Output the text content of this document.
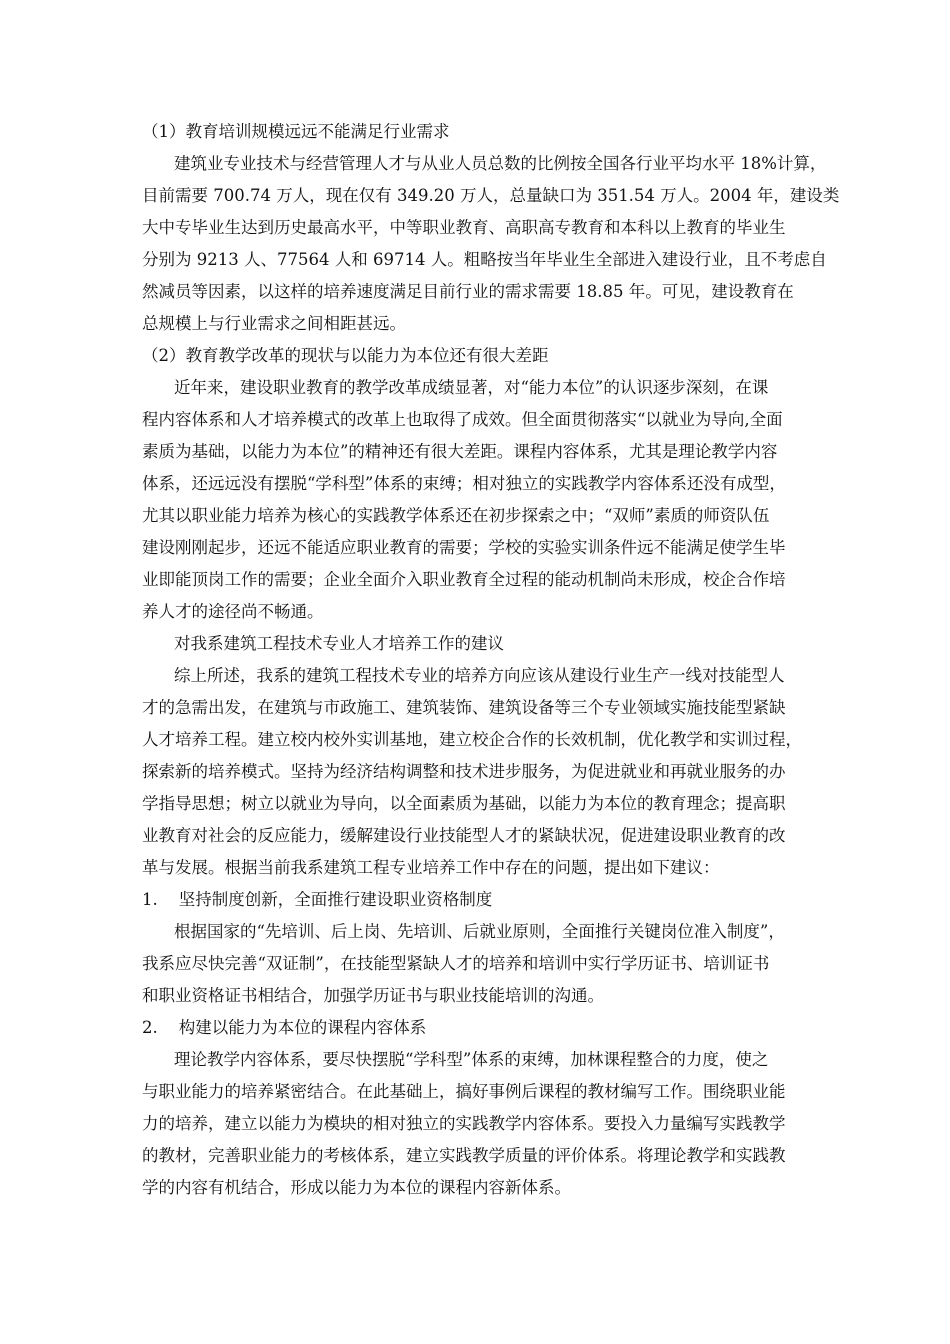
（1）教育培训规模远远不能满足行业需求

建筑业专业技术与经营管理人才与从业人员总数的比例按全国各行业平均水平 18%计算，

目前需要 700.74 万人，现在仅有 349.20 万人，总量缺口为 351.54 万人。2004 年，建设类

大中专毕业生达到历史最高水平，中等职业教育、高职高专教育和本科以上教育的毕业生

分别为 9213 人、77564 人和 69714 人。粗略按当年毕业生全部进入建设行业，且不考虑自

然减员等因素，以这样的培养速度满足目前行业的需求需要 18.85 年。可见，建设教育在

总规模上与行业需求之间相距甚远。

（2）教育教学改革的现状与以能力为本位还有很大差距

近年来，建设职业教育的教学改革成绩显著，对“能力本位”的认识逐步深刻，在课

程内容体系和人才培养模式的改革上也取得了成效。但全面贯彻落实“以就业为导向,全面

素质为基础，以能力为本位”的精神还有很大差距。课程内容体系，尤其是理论教学内容

体系，还远远没有摆脱“学科型”体系的束缚；相对独立的实践教学内容体系还没有成型，

尤其以职业能力培养为核心的实践教学体系还在初步探索之中；“双师”素质的师资队伍

建设刚刚起步，还远不能适应职业教育的需要；学校的实验实训条件远不能满足使学生毕

业即能顶岗工作的需要；企业全面介入职业教育全过程的能动机制尚未形成，校企合作培

养人才的途径尚不畅通。

对我系建筑工程技术专业人才培养工作的建议

综上所述，我系的建筑工程技术专业的培养方向应该从建设行业生产一线对技能型人

才的急需出发，在建筑与市政施工、建筑装饰、建筑设备等三个专业领域实施技能型紧缺

人才培养工程。建立校内校外实训基地，建立校企合作的长效机制，优化教学和实训过程，

探索新的培养模式。坚持为经济结构调整和技术进步服务，为促进就业和再就业服务的办

学指导思想；树立以就业为导向，以全面素质为基础，以能力为本位的教育理念；提高职

业教育对社会的反应能力，缓解建设行业技能型人才的紧缺状况，促进建设职业教育的改

革与发展。根据当前我系建筑工程专业培养工作中存在的问题，提出如下建议：

1.    坚持制度创新，全面推行建设职业资格制度

根据国家的“先培训、后上岗、先培训、后就业原则，全面推行关键岗位准入制度”，

我系应尽快完善“双证制”，在技能型紧缺人才的培养和培训中实行学历证书、培训证书

和职业资格证书相结合，加强学历证书与职业技能培训的沟通。

2.    构建以能力为本位的课程内容体系

理论教学内容体系，要尽快摆脱“学科型”体系的束缚，加林课程整合的力度，使之

与职业能力的培养紧密结合。在此基础上，搞好事例后课程的教材编写工作。围绕职业能

力的培养，建立以能力为模块的相对独立的实践教学内容体系。要投入力量编写实践教学

的教材，完善职业能力的考核体系，建立实践教学质量的评价体系。将理论教学和实践教

学的内容有机结合，形成以能力为本位的课程内容新体系。
